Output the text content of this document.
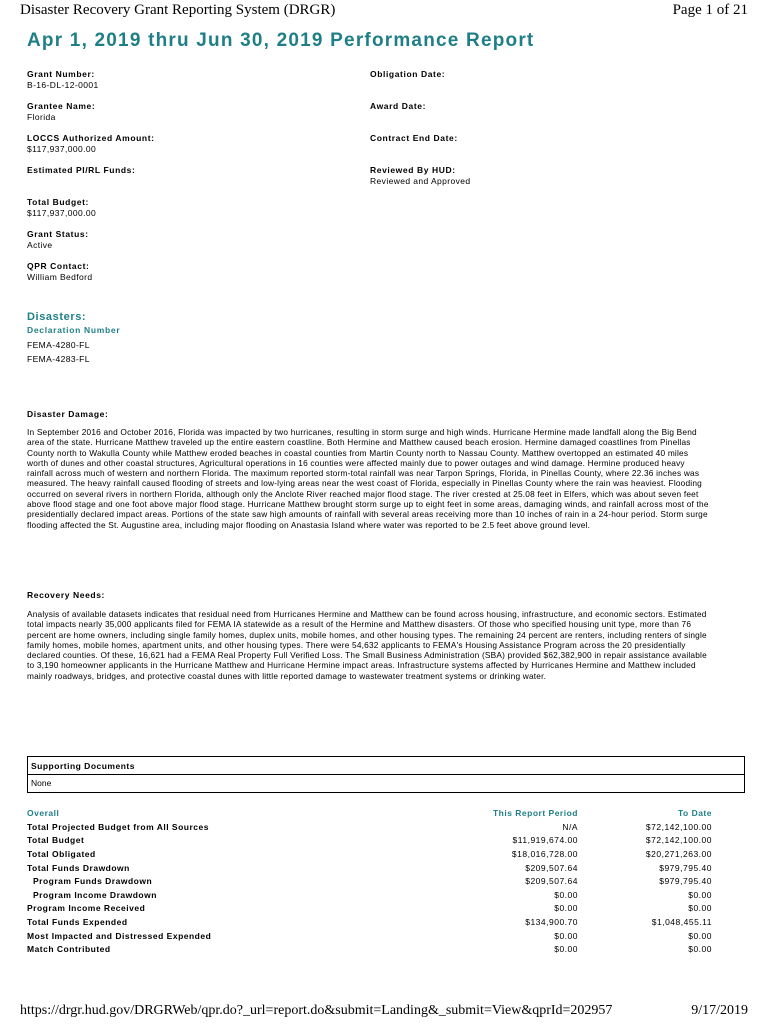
Disaster Recovery Grant Reporting System (DRGR)	Page 1 of 21
Apr 1, 2019 thru Jun 30, 2019 Performance Report
Grant Number:
B-16-DL-12-0001
Grantee Name:
Florida
LOCCS Authorized Amount:
$117,937,000.00
Estimated PI/RL Funds:
Total Budget:
$117,937,000.00
Grant Status:
Active
QPR Contact:
William Bedford
Obligation Date:
Award Date:
Contract End Date:
Reviewed By HUD:
Reviewed and Approved
Disasters:
Declaration Number
FEMA-4280-FL
FEMA-4283-FL
Disaster Damage:
In September 2016 and October 2016, Florida was impacted by two hurricanes, resulting in storm surge and high winds. Hurricane Hermine made landfall along the Big Bend area of the state. Hurricane Matthew traveled up the entire eastern coastline. Both Hermine and Matthew caused beach erosion. Hermine damaged coastlines from Pinellas County north to Wakulla County while Matthew eroded beaches in coastal counties from Martin County north to Nassau County. Matthew overtopped an estimated 40 miles worth of dunes and other coastal structures, Agricultural operations in 16 counties were affected mainly due to power outages and wind damage. Hermine produced heavy rainfall across much of western and northern Florida. The maximum reported storm-total rainfall was near Tarpon Springs, Florida, in Pinellas County, where 22.36 inches was measured. The heavy rainfall caused flooding of streets and low-lying areas near the west coast of Florida, especially in Pinellas County where the rain was heaviest. Flooding occurred on several rivers in northern Florida, although only the Anclote River reached major flood stage. The river crested at 25.08 feet in Elfers, which was about seven feet above flood stage and one foot above major flood stage. Hurricane Matthew brought storm surge up to eight feet in some areas, damaging winds, and rainfall across most of the presidentially declared impact areas. Portions of the state saw high amounts of rainfall with several areas receiving more than 10 inches of rain in a 24-hour period. Storm surge flooding affected the St. Augustine area, including major flooding on Anastasia Island where water was reported to be 2.5 feet above ground level.
Recovery Needs:
Analysis of available datasets indicates that residual need from Hurricanes Hermine and Matthew can be found across housing, infrastructure, and economic sectors. Estimated total impacts nearly 35,000 applicants filed for FEMA IA statewide as a result of the Hermine and Matthew disasters. Of those who specified housing unit type, more than 76 percent are home owners, including single family homes, duplex units, mobile homes, and other housing types. The remaining 24 percent are renters, including renters of single family homes, mobile homes, apartment units, and other housing types. There were 54,632 applicants to FEMA's Housing Assistance Program across the 20 presidentially declared counties. Of these, 16,621 had a FEMA Real Property Full Verified Loss. The Small Business Administration (SBA) provided $62,382,900 in repair assistance available to 3,190 homeowner applicants in the Hurricane Matthew and Hurricane Hermine impact areas. Infrastructure systems affected by Hurricanes Hermine and Matthew included mainly roadways, bridges, and protective coastal dunes with little reported damage to wastewater treatment systems or drinking water.
Supporting Documents
None
Overall	This Report Period	To Date
Total Projected Budget from All Sources	N/A	$72,142,100.00
Total Budget	$11,919,674.00	$72,142,100.00
Total Obligated	$18,016,728.00	$20,271,263.00
Total Funds Drawdown	$209,507.64	$979,795.40
Program Funds Drawdown	$209,507.64	$979,795.40
Program Income Drawdown	$0.00	$0.00
Program Income Received	$0.00	$0.00
Total Funds Expended	$134,900.70	$1,048,455.11
Most Impacted and Distressed Expended	$0.00	$0.00
Match Contributed	$0.00	$0.00
https://drgr.hud.gov/DRGRWeb/qpr.do?_url=report.do&submit=Landing&_submit=View&qprId=202957	9/17/2019
